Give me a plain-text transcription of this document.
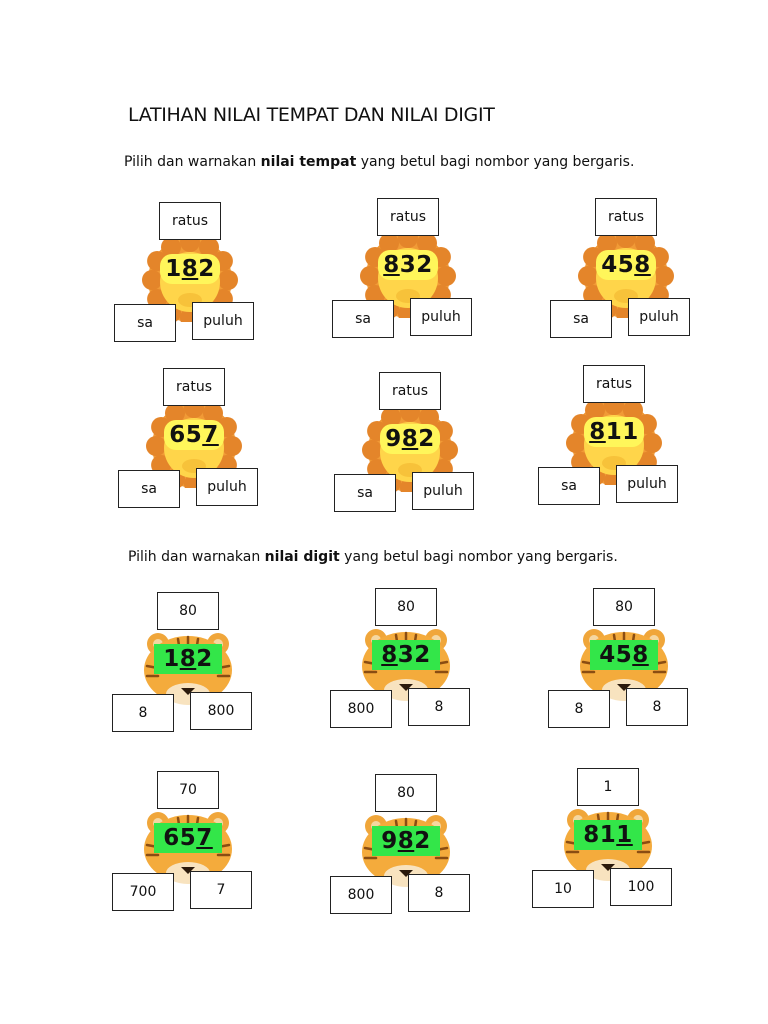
LATIHAN NILAI TEMPAT DAN NILAI DIGIT
Pilih dan warnakan nilai tempat yang betul bagi nombor yang bergaris.
Pilih dan warnakan nilai digit yang betul bagi nombor yang bergaris.
1 8 2
ratus
sa	puluh
8 32
ratus
sa	puluh
45 8
ratus
sa	puluh
65 7
ratus
sa	puluh
9 8 2
ratus
sa	puluh
8 11
ratus
sa	puluh
1 8 2
80
8	800
8 32
80
800	8
45 8
80
8	8
65 7
70
700	7
9 8 2
80
800	8
81 1
1
10	100
